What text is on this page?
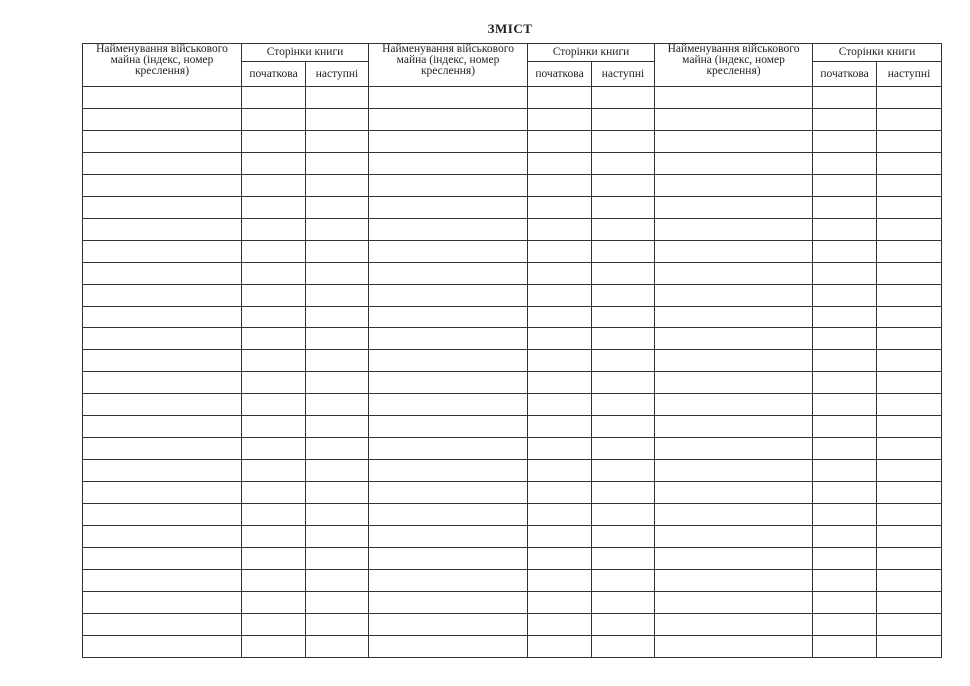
ЗМІСТ
Найменування військового майна (індекс, номер креслення)	Сторінки книги		Найменування військового майна (індекс, номер креслення)	Сторінки книги		Найменування військового майна (індекс, номер креслення)	Сторінки книги	
	початкова	наступні		початкова	наступні		початкова	наступні
